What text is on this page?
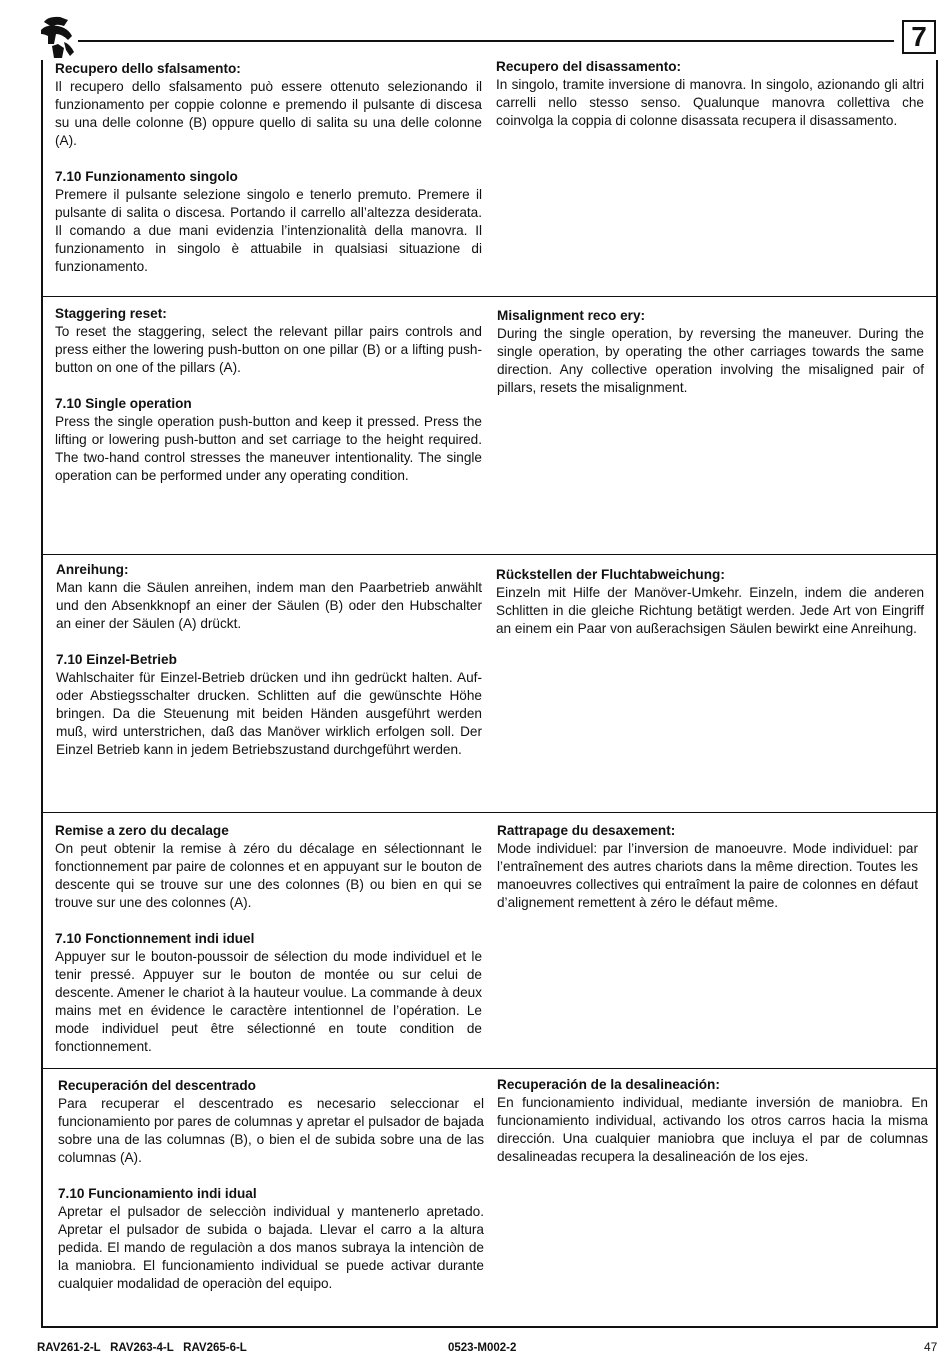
7

Recupero dello sfalsamento:

Il recupero dello sfalsamento può essere ottenuto selezionando il funzionamento per coppie colonne e premendo il pulsante di discesa su una delle colonne (B) oppure quello di salita su una delle colonne (A).

7.10 Funzionamento singolo

Premere il pulsante selezione singolo e tenerlo premuto. Premere il pulsante di salita o discesa. Portando il carrello all’altezza desiderata. Il comando a due mani evidenzia l’intenzionalità della manovra. Il funzionamento in singolo è attuabile in qualsiasi situazione di funzionamento.

Recupero del disassamento:

In singolo, tramite inversione di manovra. In singolo, azionando gli altri carrelli nello stesso senso. Qualunque manovra collettiva che coinvolga la coppia di colonne disassata recupera il disassamento.

Staggering reset:

To reset the staggering, select the relevant pillar pairs controls and press either the lowering push-button on one pillar (B) or a lifting push-button on one of the pillars (A).

7.10 Single operation

Press the single operation push-button and keep it pressed. Press the lifting or lowering push-button and set carriage to the height required. The two-hand control stresses the maneuver intentionality. The single operation can be performed under any operating condition.

Misalignment reco ery:

During the single operation, by reversing the maneuver. During the single operation, by operating the other carriages towards the same direction. Any collective operation involving the misaligned pair of pillars, resets the misalignment.

Anreihung:

Man kann die Säulen anreihen, indem man den Paarbetrieb anwählt und den Absenkknopf an einer der Säulen (B) oder den Hubschalter an einer der Säulen (A) drückt.

7.10 Einzel-Betrieb

Wahlschaiter für Einzel-Betrieb drücken und ihn gedrückt halten. Auf- oder Abstiegsschalter drucken. Schlitten auf die gewünschte Höhe bringen. Da die Steuenung mit beiden Händen ausgeführt werden muß, wird unterstrichen, daß das Manöver wirklich erfolgen soll. Der Einzel Betrieb kann in jedem Betriebszustand durchgeführt werden.

Rückstellen der Fluchtabweichung:

Einzeln mit Hilfe der Manöver-Umkehr. Einzeln, indem die anderen Schlitten in die gleiche Richtung betätigt werden. Jede Art von Eingriff an einem ein Paar von außerachsigen Säulen bewirkt eine Anreihung.

Remise a zero du decalage

On peut obtenir la remise à zéro du décalage en sélectionnant le fonctionnement par paire de colonnes et en appuyant sur le bouton de descente qui se trouve sur une des colonnes (B) ou bien en qui se trouve sur une des colonnes (A).

7.10 Fonctionnement indi iduel

Appuyer sur le bouton-poussoir de sélection du mode individuel et le tenir pressé. Appuyer sur le bouton de montée ou sur celui de descente. Amener le chariot à la hauteur voulue. La commande à deux mains met en évidence le caractère intentionnel de l’opération. Le mode individuel peut être sélectionné en toute condition de fonctionnement.

Rattrapage du desaxement:

Mode individuel: par l’inversion de manoeuvre. Mode individuel: par l’entraînement des autres chariots dans la même direction. Toutes les manoeuvres collectives qui entraîment la paire de colonnes en défaut d’alignement remettent à zéro le défaut même.

Recuperación del descentrado

Para recuperar el descentrado es necesario seleccionar el funcionamiento por pares de columnas y apretar el pulsador de bajada sobre una de las columnas (B), o bien el de subida sobre una de las columnas (A).

7.10 Funcionamiento indi idual

Apretar el pulsador de selecciòn individual y mantenerlo apretado. Apretar el pulsador de subida o bajada. Llevar el carro a la altura pedida. El mando de regulaciòn a dos manos subraya la intenciòn de la maniobra. El funcionamiento individual se puede activar durante cualquier modalidad de operaciòn del equipo.

Recuperación de la desalineación:

En funcionamiento individual, mediante inversión de maniobra. En funcionamiento individual, activando los otros carros hacia la misma dirección. Una cualquier maniobra que incluya el par de columnas desalineadas recupera la desalineación de los ejes.

RAV261-2-L   RAV263-4-L   RAV265-6-L	0523-M002-2	47
